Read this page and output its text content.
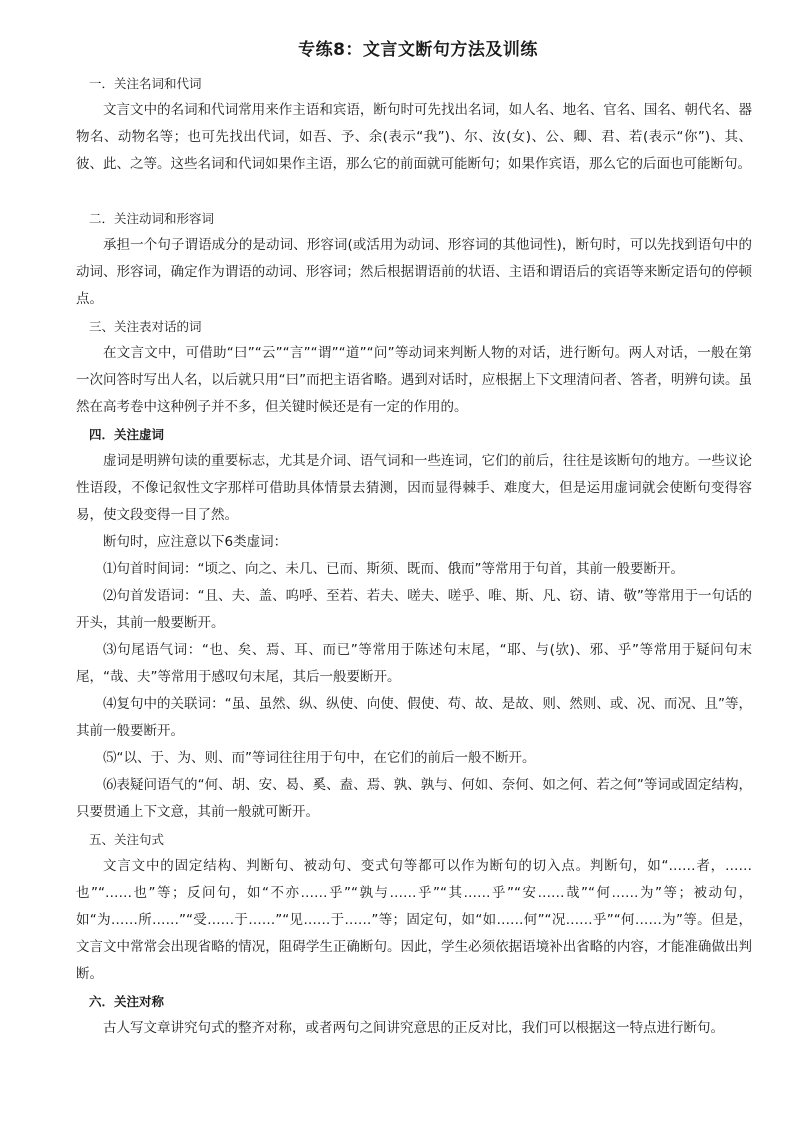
专练8：文言文断句方法及训练
一．关注名词和代词

文言文中的名词和代词常用来作主语和宾语，断句时可先找出名词，如人名、地名、官名、国名、朝代名、器物名、动物名等；也可先找出代词，如吾、予、余(表示“我”)、尔、汝(女)、公、卿、君、若(表示“你”)、其、彼、此、之等。这些名词和代词如果作主语，那么它的前面就可能断句；如果作宾语，那么它的后面也可能断句。

二．关注动词和形容词

承担一个句子谓语成分的是动词、形容词(或活用为动词、形容词的其他词性)，断句时，可以先找到语句中的动词、形容词，确定作为谓语的动词、形容词；然后根据谓语前的状语、主语和谓语后的宾语等来断定语句的停顿点。

三、关注表对话的词

在文言文中，可借助“曰”“云”“言”“谓”“道”“问”等动词来判断人物的对话，进行断句。两人对话，一般在第一次问答时写出人名，以后就只用“曰”而把主语省略。遇到对话时，应根据上下文理清问者、答者，明辨句读。虽然在高考卷中这种例子并不多，但关键时候还是有一定的作用的。

四．关注虚词

虚词是明辨句读的重要标志，尤其是介词、语气词和一些连词，它们的前后，往往是该断句的地方。一些议论性语段，不像记叙性文字那样可借助具体情景去猜测，因而显得棘手、难度大，但是运用虚词就会使断句变得容易，使文段变得一目了然。

断句时，应注意以下6类虚词：

⑴句首时间词：“顷之、向之、未几、已而、斯须、既而、俄而”等常用于句首，其前一般要断开。

⑵句首发语词：“且、夫、盖、呜呼、至若、若夫、嗟夫、嗟乎、唯、斯、凡、窃、请、敬”等常用于一句话的开头，其前一般要断开。

⑶句尾语气词：“也、矣、焉、耳、而已”等常用于陈述句末尾，“耶、与(欤)、邪、乎”等常用于疑问句末尾，“哉、夫”等常用于感叹句末尾，其后一般要断开。

⑷复句中的关联词：“虽、虽然、纵、纵使、向使、假使、苟、故、是故、则、然则、或、况、而况、且”等，其前一般要断开。

⑸“以、于、为、则、而”等词往往用于句中，在它们的前后一般不断开。

⑹表疑问语气的“何、胡、安、曷、奚、盍、焉、孰、孰与、何如、奈何、如之何、若之何”等词或固定结构，只要贯通上下文意，其前一般就可断开。

五、关注句式

文言文中的固定结构、判断句、被动句、变式句等都可以作为断句的切入点。判断句，如“……者，……也”“……也”等；反问句，如“不亦……乎”“孰与……乎”“其……乎”“安……哉”“何……为”等；被动句，如“为……所……”“受……于……”“见……于……”等；固定句，如“如……何”“况……乎”“何……为”等。但是，文言文中常常会出现省略的情况，阻碍学生正确断句。因此，学生必须依据语境补出省略的内容，才能准确做出判断。

六．关注对称

古人写文章讲究句式的整齐对称，或者两句之间讲究意思的正反对比，我们可以根据这一特点进行断句。
